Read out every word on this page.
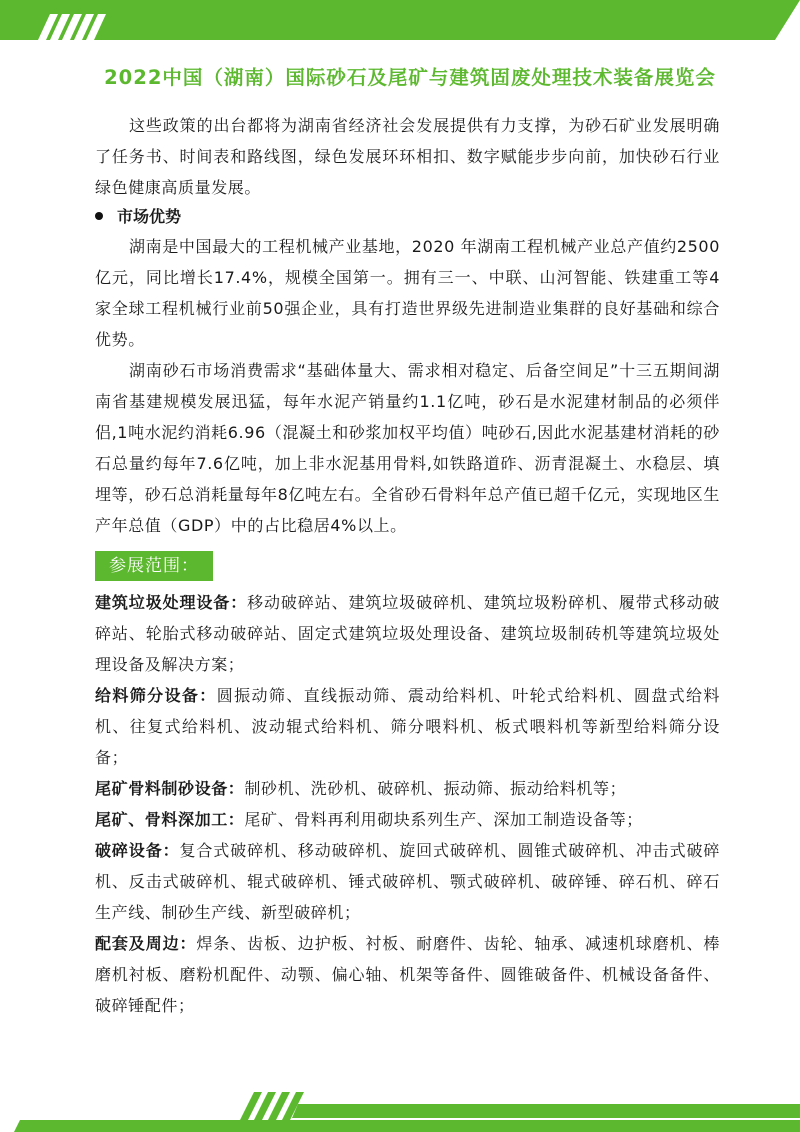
2022中国（湖南）国际砂石及尾矿与建筑固废处理技术装备展览会

这些政策的出台都将为湖南省经济社会发展提供有力支撑，为砂石矿业发展明确了任务书、时间表和路线图，绿色发展环环相扣、数字赋能步步向前，加快砂石行业绿色健康高质量发展。

市场优势

湖南是中国最大的工程机械产业基地，2020 年湖南工程机械产业总产值约2500 亿元，同比增长17.4%，规模全国第一。拥有三一、中联、山河智能、铁建重工等4家全球工程机械行业前50强企业，具有打造世界级先进制造业集群的良好基础和综合优势。

湖南砂石市场消费需求“基础体量大、需求相对稳定、后备空间足”十三五期间湖南省基建规模发展迅猛，每年水泥产销量约1.1亿吨，砂石是水泥建材制品的必须伴侣,1吨水泥约消耗6.96（混凝土和砂浆加权平均值）吨砂石,因此水泥基建材消耗的砂石总量约每年7.6亿吨，加上非水泥基用骨料,如铁路道砟、沥青混凝土、水稳层、填埋等，砂石总消耗量每年8亿吨左右。全省砂石骨料年总产值已超千亿元，实现地区生产年总值（GDP）中的占比稳居4%以上。

参展范围：

建筑垃圾处理设备：移动破碎站、建筑垃圾破碎机、建筑垃圾粉碎机、履带式移动破碎站、轮胎式移动破碎站、固定式建筑垃圾处理设备、建筑垃圾制砖机等建筑垃圾处理设备及解决方案；

给料筛分设备：圆振动筛、直线振动筛、震动给料机、叶轮式给料机、圆盘式给料机、往复式给料机、波动辊式给料机、筛分喂料机、板式喂料机等新型给料筛分设备；

尾矿骨料制砂设备：制砂机、洗砂机、破碎机、振动筛、振动给料机等；

尾矿、骨料深加工：尾矿、骨料再利用砌块系列生产、深加工制造设备等；

破碎设备：复合式破碎机、移动破碎机、旋回式破碎机、圆锥式破碎机、冲击式破碎机、反击式破碎机、辊式破碎机、锤式破碎机、颚式破碎机、破碎锤、碎石机、碎石生产线、制砂生产线、新型破碎机；

配套及周边：焊条、齿板、边护板、衬板、耐磨件、齿轮、轴承、减速机球磨机、棒磨机衬板、磨粉机配件、动颚、偏心轴、机架等备件、圆锥破备件、机械设备备件、破碎锤配件；
